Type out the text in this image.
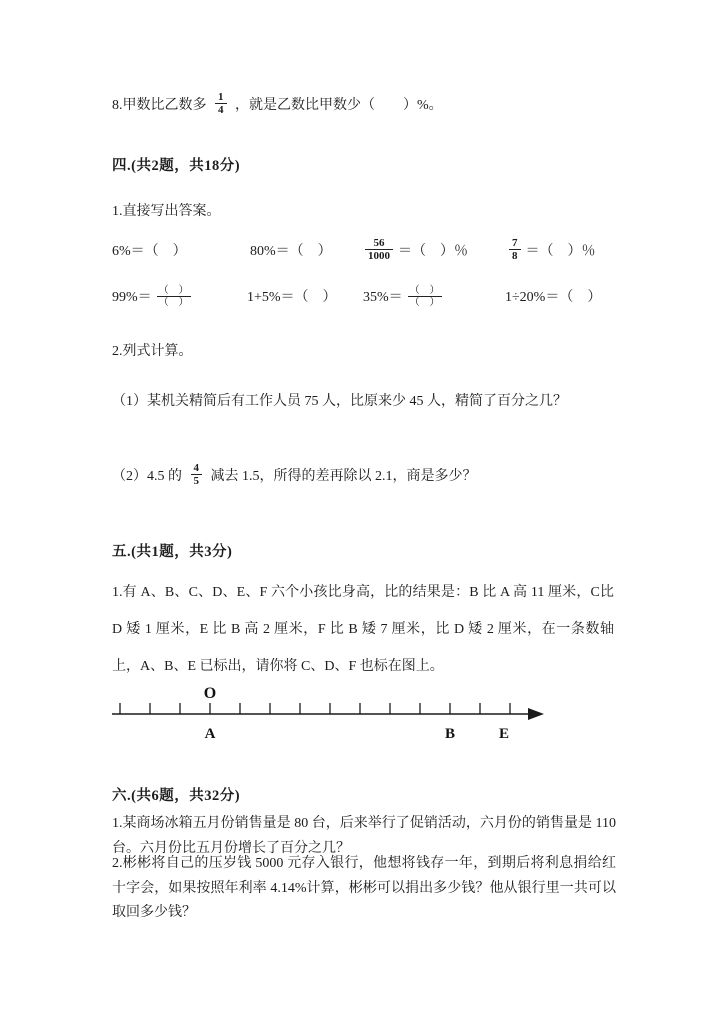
8.甲数比乙数多 $\frac{1}{4}$ ，就是乙数比甲数少（　　）%。
四.(共2题，共18分)
1.直接写出答案。
6%＝（　）	80%＝（　）	$\frac{56}{1000}$ ＝（　）％	$\frac{7}{8}$ ＝（　）％
$99\%= \frac{( )}{( )}$	1+5%＝（　） $35\%= \frac{( )}{( )}$	1÷20%＝（　）
2.列式计算。
（1）某机关精简后有工作人员 75 人，比原来少 45 人，精简了百分之几？
（2）4.5 的 $\frac{4}{5}$ 减去 1.5，所得的差再除以 2.1，商是多少？
五.(共1题，共3分)
1.有 A、B、C、D、E、F 六个小孩比身高，比的结果是：B 比 A 高 11 厘米，C比 D 矮 1 厘米，E 比 B 高 2 厘米，F 比 B 矮 7 厘米，比 D 矮 2 厘米，在一条数轴上，A、B、E 已标出，请你将 C、D、F 也标在图上。
O
A	B	E
六.(共6题，共32分)
1.某商场冰箱五月份销售量是 80 台，后来举行了促销活动，六月份的销售量是 110 台。六月份比五月份增长了百分之几？
2.彬彬将自己的压岁钱 5000 元存入银行，他想将钱存一年，到期后将利息捐给红十字会，如果按照年利率 4.14%计算，彬彬可以捐出多少钱？他从银行里一共可以取回多少钱？
